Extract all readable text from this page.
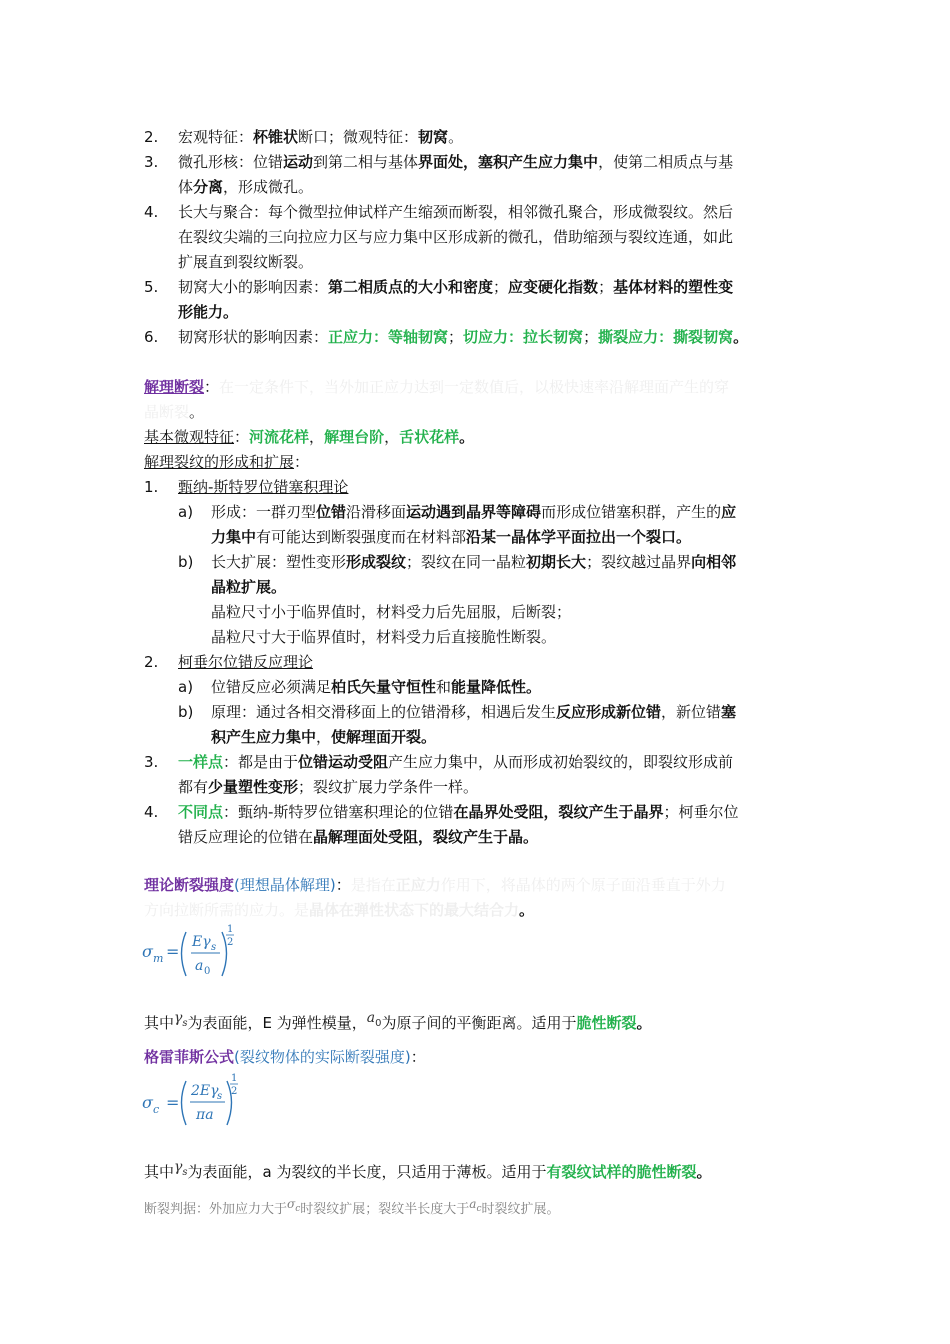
2. 宏观特征：杯锥状断口；微观特征：韧窝。
3. 微孔形核：位错运动到第二相与基体界面处，塞积产生应力集中，使第二相质点与基
体分离，形成微孔。
4. 长大与聚合：每个微型拉伸试样产生缩颈而断裂，相邻微孔聚合，形成微裂纹。然后
在裂纹尖端的三向拉应力区与应力集中区形成新的微孔，借助缩颈与裂纹连通，如此
扩展直到裂纹断裂。
5. 韧窝大小的影响因素：第二相质点的大小和密度；应变硬化指数；基体材料的塑性变
形能力。
6. 韧窝形状的影响因素：正应力：等轴韧窝；切应力：拉长韧窝；撕裂应力：撕裂韧窝。
解理断裂：在一定条件下，当外加正应力达到一定数值后，以极快速率沿解理面产生的穿
晶断裂。
基本微观特征：河流花样，解理台阶，舌状花样。
解理裂纹的形成和扩展：
1. 甄纳-斯特罗位错塞积理论
a) 形成：一群刃型位错沿滑移面运动遇到晶界等障碍而形成位错塞积群，产生的应
力集中有可能达到断裂强度而在材料部沿某一晶体学平面拉出一个裂口。
b) 长大扩展：塑性变形形成裂纹；裂纹在同一晶粒初期长大；裂纹越过晶界向相邻
晶粒扩展。
晶粒尺寸小于临界值时，材料受力后先屈服，后断裂；
晶粒尺寸大于临界值时，材料受力后直接脆性断裂。
2. 柯垂尔位错反应理论
a) 位错反应必须满足柏氏矢量守恒性和能量降低性。
b) 原理：通过各相交滑移面上的位错滑移，相遇后发生反应形成新位错，新位错塞
积产生应力集中，使解理面开裂。
3. 一样点：都是由于位错运动受阻产生应力集中，从而形成初始裂纹的，即裂纹形成前
都有少量塑性变形；裂纹扩展力学条件一样。
4. 不同点：甄纳-斯特罗位错塞积理论的位错在晶界处受阻，裂纹产生于晶界；柯垂尔位
错反应理论的位错在晶解理面处受阻，裂纹产生于晶。
理论断裂强度(理想晶体解理)：是指在正应力作用下，将晶体的两个原子面沿垂直于外力
方向拉断所需的应力。是晶体在弹性状态下的最大结合力。
σ m = Eγ s
a 0
1
2
其中γs为表面能，E 为弹性模量，a0为原子间的平衡距离。适用于脆性断裂。
格雷菲斯公式(裂纹物体的实际断裂强度)：
σ c =
2Eγ
s
πa
1
2
其中γs为表面能，a 为裂纹的半长度，只适用于薄板。适用于有裂纹试样的脆性断裂。
断裂判据：外加应力大于σc时裂纹扩展；裂纹半长度大于ac时裂纹扩展。
